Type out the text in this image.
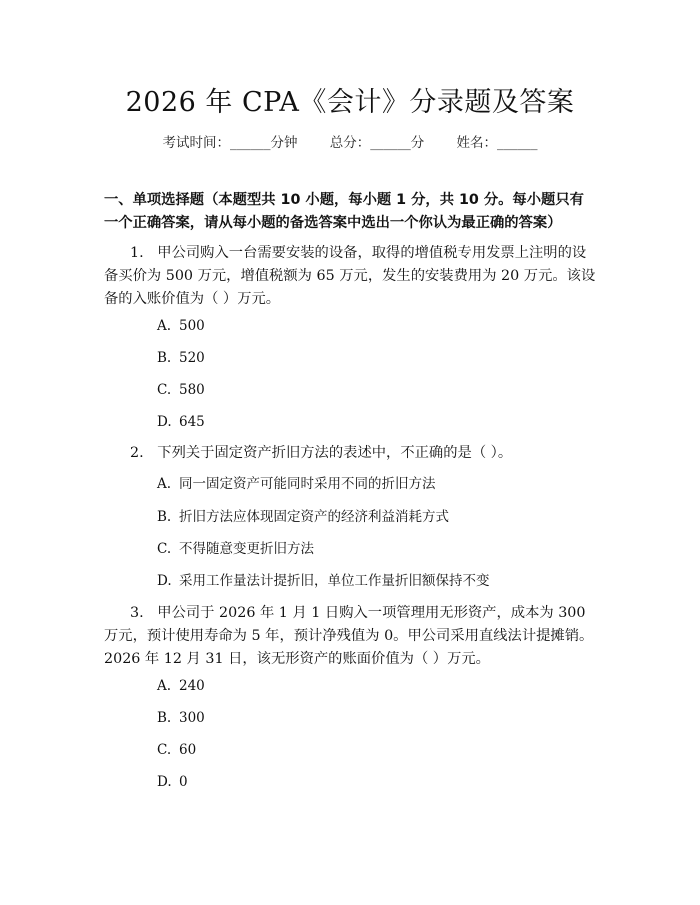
2026 年 CPA《会计》分录题及答案
考试时间：______分钟 总分：______分 姓名：______
一、单项选择题（本题型共 10 小题，每小题 1 分，共 10 分。每小题只有一个正确答案，请从每小题的备选答案中选出一个你认为最正确的答案）
1. 甲公司购入一台需要安装的设备，取得的增值税专用发票上注明的设备买价为 500 万元，增值税额为 65 万元，发生的安装费用为 20 万元。该设备的入账价值为（ ）万元。
A. 500
B. 520
C. 580
D. 645
2. 下列关于固定资产折旧方法的表述中，不正确的是（ ）。
A. 同一固定资产可能同时采用不同的折旧方法
B. 折旧方法应体现固定资产的经济利益消耗方式
C. 不得随意变更折旧方法
D. 采用工作量法计提折旧，单位工作量折旧额保持不变
3. 甲公司于 2026 年 1 月 1 日购入一项管理用无形资产，成本为 300 万元，预计使用寿命为 5 年，预计净残值为 0。甲公司采用直线法计提摊销。2026 年 12 月 31 日，该无形资产的账面价值为（ ）万元。
A. 240
B. 300
C. 60
D. 0
